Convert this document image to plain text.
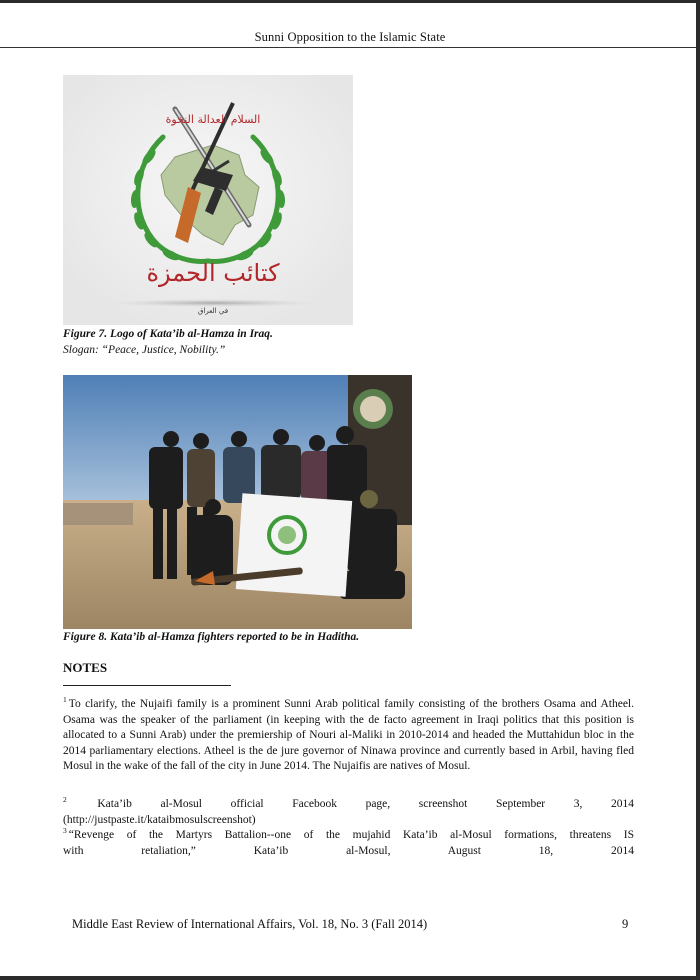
Sunni Opposition to the Islamic State
السلام العدالة النخوة
كتائب الحمزة
في العراق
Figure 7. Logo of Kata’ib al-Hamza in Iraq.
Slogan: “Peace, Justice, Nobility.”
Figure 8. Kata’ib al-Hamza fighters reported to be in Haditha.
NOTES
$^1$ To clarify, the Nujaifi family is a prominent Sunni Arab political family consisting of the brothers Osama and Atheel. Osama was the speaker of the parliament (in keeping with the de facto agreement in Iraqi politics that this position is allocated to a Sunni Arab) under the premiership of Nouri al-Maliki in 2010-2014 and headed the Muttahidun bloc in the 2014 parliamentary elections. Atheel is the de jure governor of Ninawa province and currently based in Arbil, having fled Mosul in the wake of the fall of the city in June 2014. The Nujaifis are natives of Mosul.
$^2$	Kata’ib al-Mosul official Facebook page, screenshot September 3, 2014
(http://justpaste.it/kataibmosulscreenshot)
$^3$ “Revenge of the Martyrs Battalion--one of the mujahid Kata’ib al-Mosul formations, threatens IS
with retaliation,” Kata’ib al-Mosul, August 18, 2014
Middle East Review of International Affairs, Vol. 18, No. 3 (Fall 2014)	9
